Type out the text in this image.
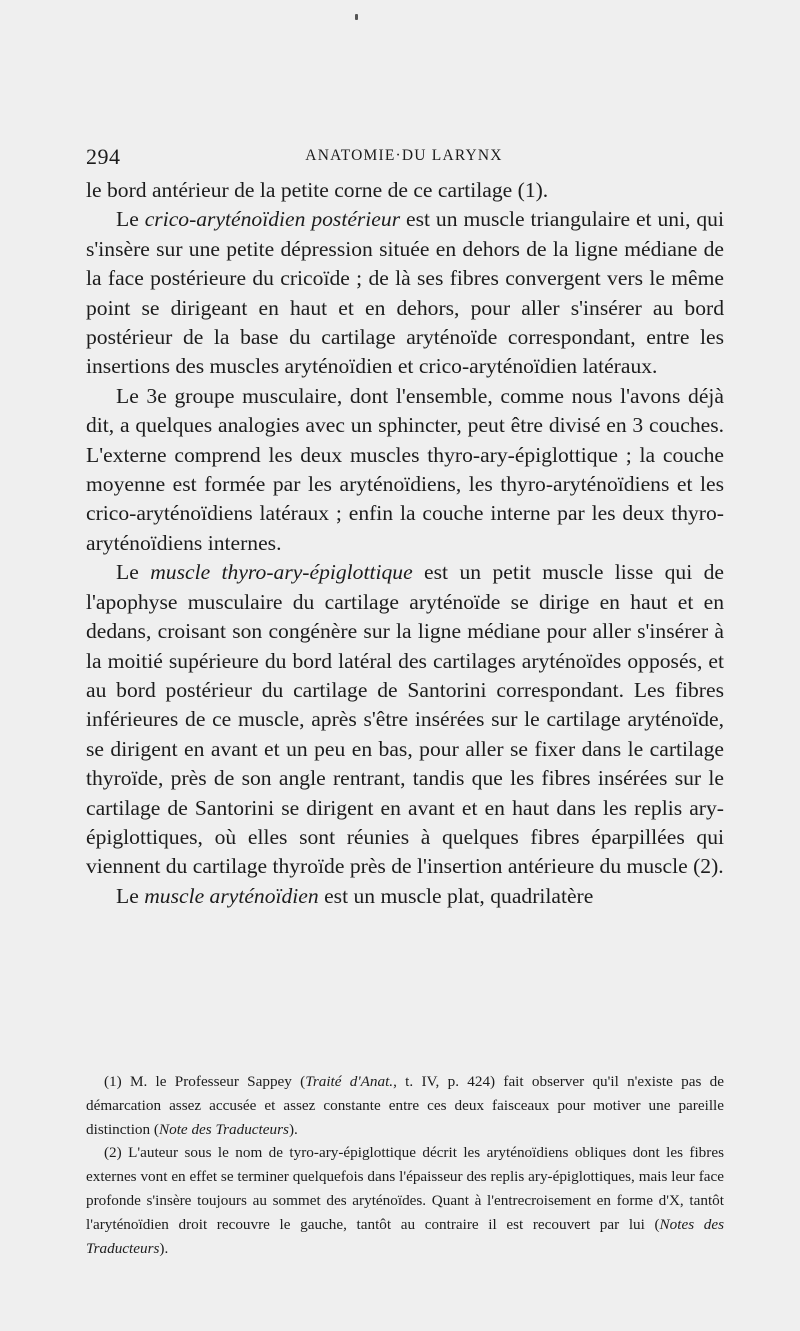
294	ANATOMIE·DU LARYNX

le bord antérieur de la petite corne de ce cartilage (1).

Le crico-aryténoïdien postérieur est un muscle triangulaire et uni, qui s'insère sur une petite dépression située en dehors de la ligne médiane de la face postérieure du cricoïde ; de là ses fibres convergent vers le même point se dirigeant en haut et en dehors, pour aller s'insérer au bord postérieur de la base du cartilage aryténoïde correspondant, entre les insertions des muscles aryténoïdien et crico-aryténoïdien latéraux.

Le 3e groupe musculaire, dont l'ensemble, comme nous l'avons déjà dit, a quelques analogies avec un sphincter, peut être divisé en 3 couches. L'externe comprend les deux muscles thyro-ary-épiglottique ; la couche moyenne est formée par les aryténoïdiens, les thyro-aryténoïdiens et les crico-aryténoïdiens latéraux ; enfin la couche interne par les deux thyro-aryténoïdiens internes.

Le muscle thyro-ary-épiglottique est un petit muscle lisse qui de l'apophyse musculaire du cartilage aryténoïde se dirige en haut et en dedans, croisant son congénère sur la ligne médiane pour aller s'insérer à la moitié supérieure du bord latéral des cartilages aryténoïdes opposés, et au bord postérieur du cartilage de Santorini correspondant. Les fibres inférieures de ce muscle, après s'être insérées sur le cartilage aryténoïde, se dirigent en avant et un peu en bas, pour aller se fixer dans le cartilage thyroïde, près de son angle rentrant, tandis que les fibres insérées sur le cartilage de Santorini se dirigent en avant et en haut dans les replis ary-épiglottiques, où elles sont réunies à quelques fibres éparpillées qui viennent du cartilage thyroïde près de l'insertion antérieure du muscle (2).

Le muscle aryténoïdien est un muscle plat, quadrilatère

(1) M. le Professeur Sappey (Traité d'Anat., t. IV, p. 424) fait observer qu'il n'existe pas de démarcation assez accusée et assez constante entre ces deux faisceaux pour motiver une pareille distinction (Note des Traducteurs).

(2) L'auteur sous le nom de tyro-ary-épiglottique décrit les aryténoïdiens obliques dont les fibres externes vont en effet se terminer quelquefois dans l'épaisseur des replis ary-épiglottiques, mais leur face profonde s'insère toujours au sommet des aryténoïdes. Quant à l'entrecroisement en forme d'X, tantôt l'aryténoïdien droit recouvre le gauche, tantôt au contraire il est recouvert par lui (Notes des Traducteurs).
